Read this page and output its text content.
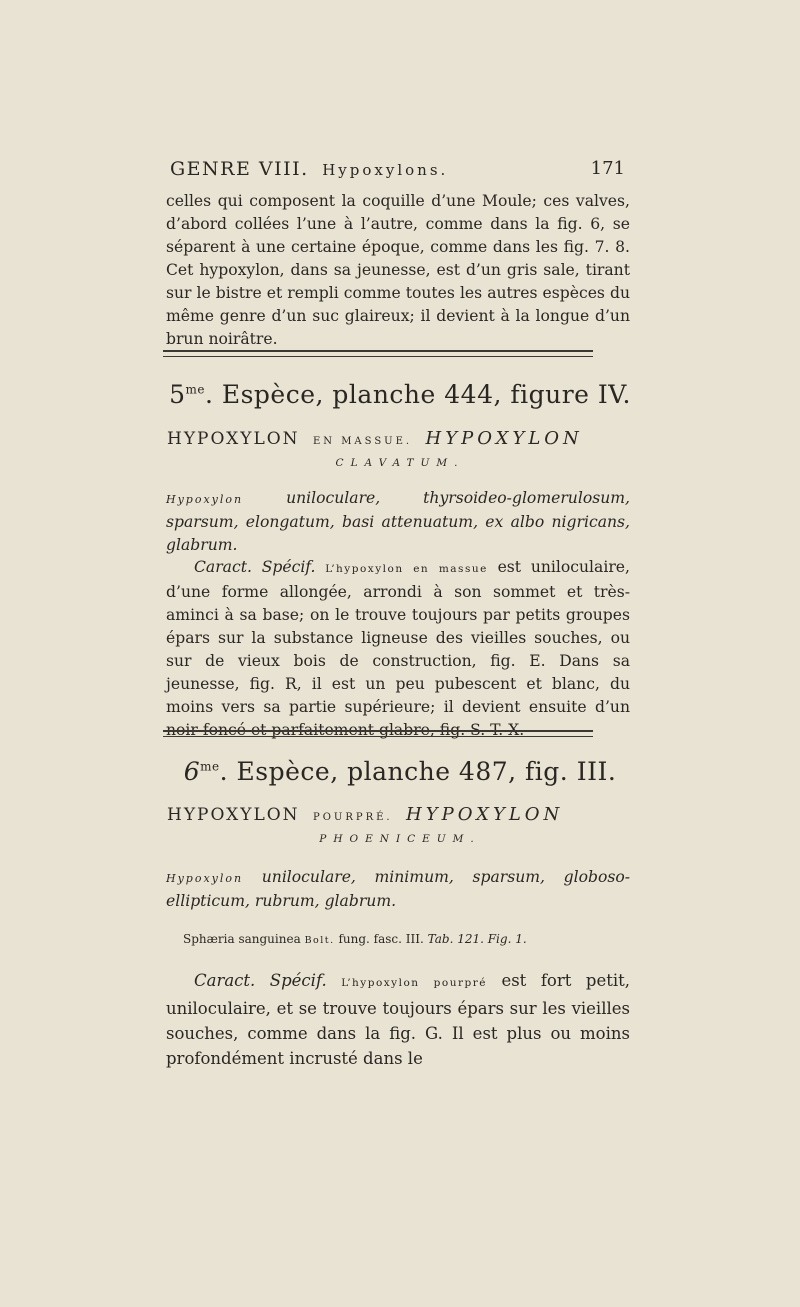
GENRE VIII. Hypoxylons.	171

celles qui composent la coquille d’une Moule; ces valves, d’abord collées l’une à l’autre, comme dans la fig. 6, se séparent à une certaine époque, comme dans les fig. 7. 8. Cet hypoxylon, dans sa jeunesse, est d’un gris sale, tirant sur le bistre et rempli comme toutes les autres espèces du même genre d’un suc glaireux; il devient à la longue d’un brun noirâtre.

$5^{me}$. Espèce, planche 444, figure IV.
HYPOXYLON EN MASSUE. HYPOXYLON
CLAVATUM.

Hypoxylon	uniloculare, thyrsoideo-glomerulosum, sparsum, elongatum, basi attenuatum, ex albo nigricans, glabrum.

Caract. Spécif. L’hypoxylon en massue est uniloculaire, d’une forme allongée, arrondi à son sommet et très-aminci à sa base; on le trouve toujours par petits groupes épars sur la substance ligneuse des vieilles souches, ou sur de vieux bois de construction, fig. E. Dans sa jeunesse, fig. R, il est un peu pubescent et blanc, du moins vers sa partie supérieure; il devient ensuite d’un noir foncé et parfaitement glabre, fig. S. T. X.

$6^{me}$. Espèce, planche 487, fig. III.
HYPOXYLON POURPRÉ. HYPOXYLON
PHOENICEUM.

Hypoxylon uniloculare, minimum, sparsum, globoso-ellipticum, rubrum, glabrum.

Sphæria sanguinea Bolt. fung. fasc. III. Tab. 121. Fig. 1.

Caract. Spécif. L’hypoxylon pourpré est fort petit, uniloculaire, et se trouve toujours épars sur les vieilles souches, comme dans la fig. G. Il est plus ou moins profondément incrusté dans le
